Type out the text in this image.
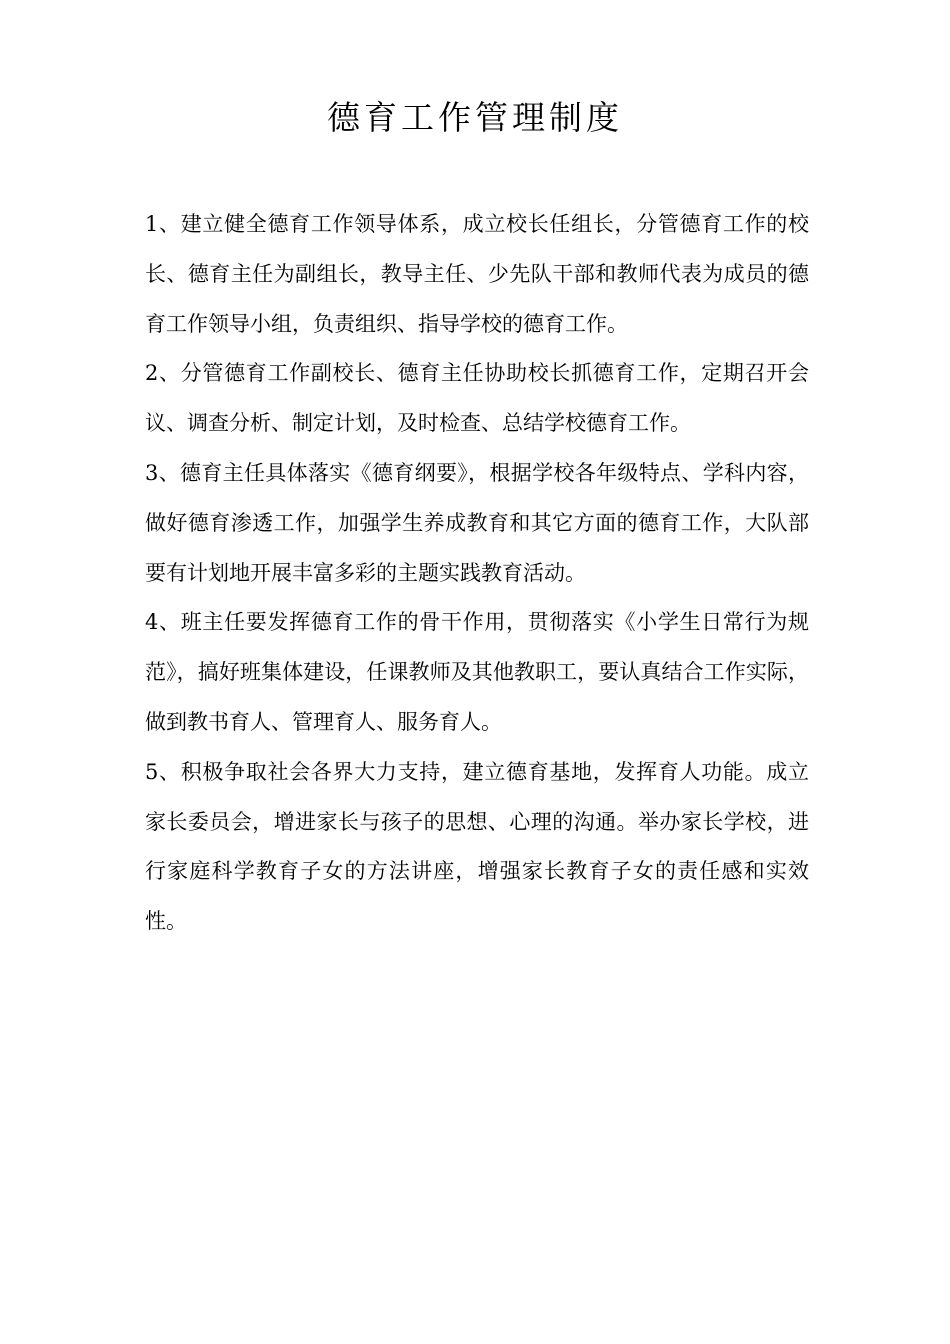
德育工作管理制度

1、建立健全德育工作领导体系，成立校长任组长，分管德育工作的校长、德育主任为副组长，教导主任、少先队干部和教师代表为成员的德育工作领导小组，负责组织、指导学校的德育工作。

2、分管德育工作副校长、德育主任协助校长抓德育工作，定期召开会议、调查分析、制定计划，及时检查、总结学校德育工作。

3、德育主任具体落实《德育纲要》，根据学校各年级特点、学科内容，做好德育渗透工作，加强学生养成教育和其它方面的德育工作，大队部要有计划地开展丰富多彩的主题实践教育活动。

4、班主任要发挥德育工作的骨干作用，贯彻落实《小学生日常行为规范》，搞好班集体建设，任课教师及其他教职工，要认真结合工作实际，做到教书育人、管理育人、服务育人。

5、积极争取社会各界大力支持，建立德育基地，发挥育人功能。成立家长委员会，增进家长与孩子的思想、心理的沟通。举办家长学校，进行家庭科学教育子女的方法讲座，增强家长教育子女的责任感和实效性。
